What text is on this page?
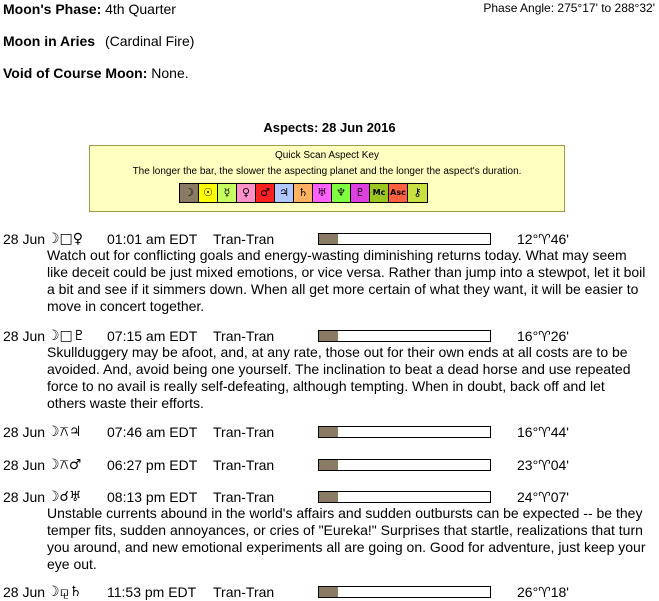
Moon's Phase: 4th Quarter	Phase Angle: 275°17' to 288°32'
Moon in Aries (Cardinal Fire)
Void of Course Moon: None.
Aspects: 28 Jun 2016
Quick Scan Aspect Key
The longer the bar, the slower the aspecting planet and the longer the aspect's duration.
☽ ☉ ☿	♀ ♂ ♃ ♄ ♅ ♆ ♇ Mc Asc ⚷
28 Jun ☽□♀ 01:01 am EDT Tran-Tran	12°♈46'
Watch out for conflicting goals and energy-wasting diminishing returns today. What may seem like deceit could be just mixed emotions, or vice versa. Rather than jump into a stewpot, let it boil a bit and see if it simmers down. When all get more certain of what they want, it will be easier to move in concert together.
28 Jun ☽□♇ 07:15 am EDT Tran-Tran	16°♈26'
Skullduggery may be afoot, and, at any rate, those out for their own ends at all costs are to be avoided. And, avoid being one yourself. The inclination to beat a dead horse and use repeated force to no avail is really self-defeating, although tempting. When in doubt, back off and let others waste their efforts.
28 Jun ☽⚻♃ 07:46 am EDT Tran-Tran	16°♈44'
28 Jun ☽⚻♂ 06:27 pm EDT Tran-Tran	23°♈04'
28 Jun ☽☌♅ 08:13 pm EDT Tran-Tran	24°♈07'
Unstable currents abound in the world's affairs and sudden outbursts can be expected -- be they temper fits, sudden annoyances, or cries of "Eureka!" Surprises that startle, realizations that turn you around, and new emotional experiments all are going on. Good for adventure, just keep your eye out.
28 Jun ☽⚼♄ 11:53 pm EDT Tran-Tran	26°♈18'
